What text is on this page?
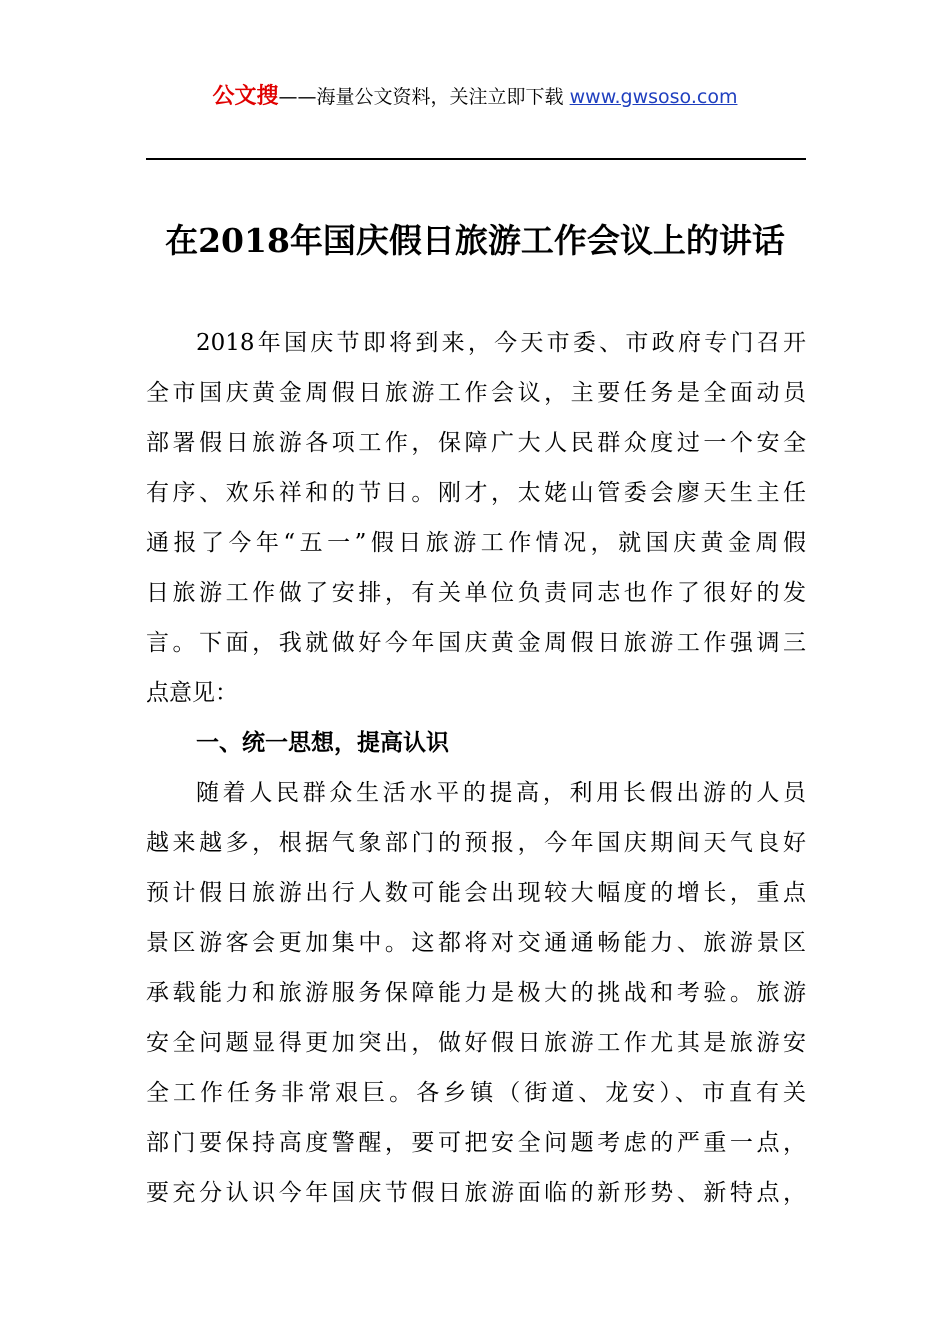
公文搜——海量公文资料，关注立即下载 www.gwsoso.com
在2018年国庆假日旅游工作会议上的讲话
2018年国庆节即将到来，今天市委、市政府专门召开
全市国庆黄金周假日旅游工作会议，主要任务是全面动员
部署假日旅游各项工作，保障广大人民群众度过一个安全
有序、欢乐祥和的节日。刚才，太姥山管委会廖天生主任
通报了今年“五一”假日旅游工作情况，就国庆黄金周假
日旅游工作做了安排，有关单位负责同志也作了很好的发
言。下面，我就做好今年国庆黄金周假日旅游工作强调三
点意见：
一、统一思想，提高认识
随着人民群众生活水平的提高，利用长假出游的人员
越来越多，根据气象部门的预报，今年国庆期间天气良好
预计假日旅游出行人数可能会出现较大幅度的增长，重点
景区游客会更加集中。这都将对交通通畅能力、旅游景区
承载能力和旅游服务保障能力是极大的挑战和考验。旅游
安全问题显得更加突出，做好假日旅游工作尤其是旅游安
全工作任务非常艰巨。各乡镇（街道、龙安）、市直有关
部门要保持高度警醒，要可把安全问题考虑的严重一点，
要充分认识今年国庆节假日旅游面临的新形势、新特点，
